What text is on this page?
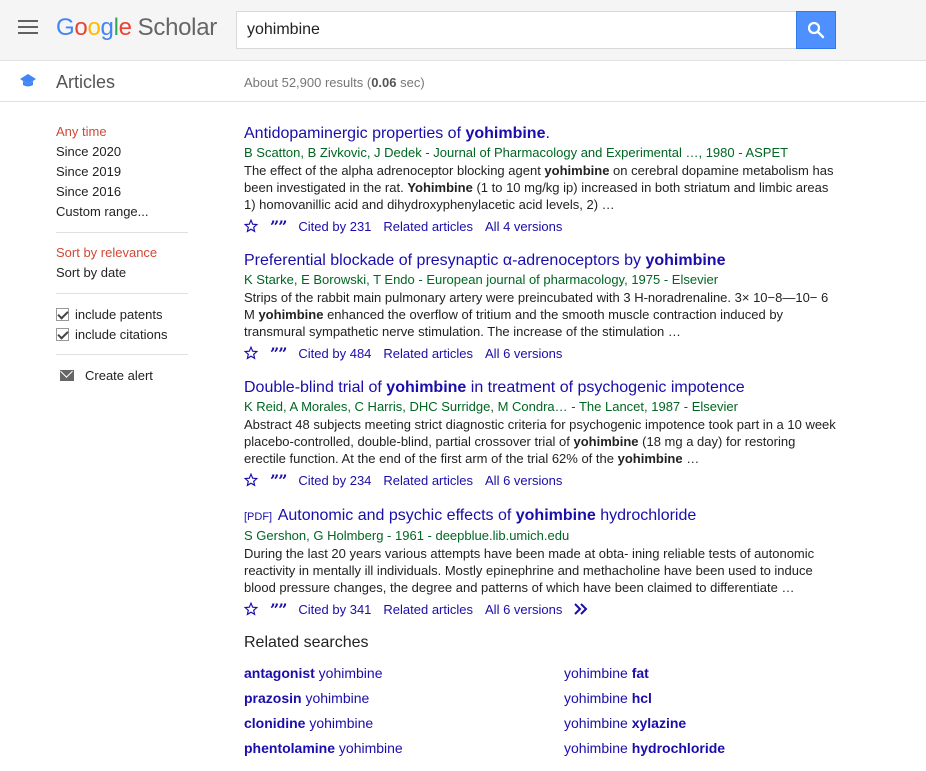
Google Scholar
yohimbine
Articles	About 52,900 results (0.06 sec)
Any time
Since 2020
Since 2019
Since 2016
Custom range...
Sort by relevance
Sort by date
include patents
include citations
Create alert
Antidopaminergic properties of yohimbine.
B Scatton, B Zivkovic, J Dedek - Journal of Pharmacology and Experimental …, 1980 - ASPET
The effect of the alpha adrenoceptor blocking agent yohimbine on cerebral dopamine metabolism has been investigated in the rat. Yohimbine (1 to 10 mg/kg ip) increased in both striatum and limbic areas 1) homovanillic acid and dihydroxyphenylacetic acid levels, 2) …
”” Cited by 231 Related articles All 4 versions
Preferential blockade of presynaptic α-adrenoceptors by yohimbine
K Starke, E Borowski, T Endo - European journal of pharmacology, 1975 - Elsevier
Strips of the rabbit main pulmonary artery were preincubated with 3 H-noradrenaline. 3× 10−8—10− 6 M yohimbine enhanced the overflow of tritium and the smooth muscle contraction induced by transmural sympathetic nerve stimulation. The increase of the stimulation …
”” Cited by 484 Related articles All 6 versions
Double-blind trial of yohimbine in treatment of psychogenic impotence
K Reid, A Morales, C Harris, DHC Surridge, M Condra… - The Lancet, 1987 - Elsevier
Abstract 48 subjects meeting strict diagnostic criteria for psychogenic impotence took part in a 10 week placebo-controlled, double-blind, partial crossover trial of yohimbine (18 mg a day) for restoring erectile function. At the end of the first arm of the trial 62% of the yohimbine …
”” Cited by 234 Related articles All 6 versions
[PDF] Autonomic and psychic effects of yohimbine hydrochloride
S Gershon, G Holmberg - 1961 - deepblue.lib.umich.edu
During the last 20 years various attempts have been made at obta- ining reliable tests of autonomic reactivity in mentally ill individuals. Mostly epinephrine and methacholine have been used to induce blood pressure changes, the degree and patterns of which have been claimed to differentiate …
”” Cited by 341 Related articles All 6 versions
Related searches
antagonist yohimbine
prazosin yohimbine
clonidine yohimbine
phentolamine yohimbine
yohimbine fat
yohimbine hcl
yohimbine xylazine
yohimbine hydrochloride
